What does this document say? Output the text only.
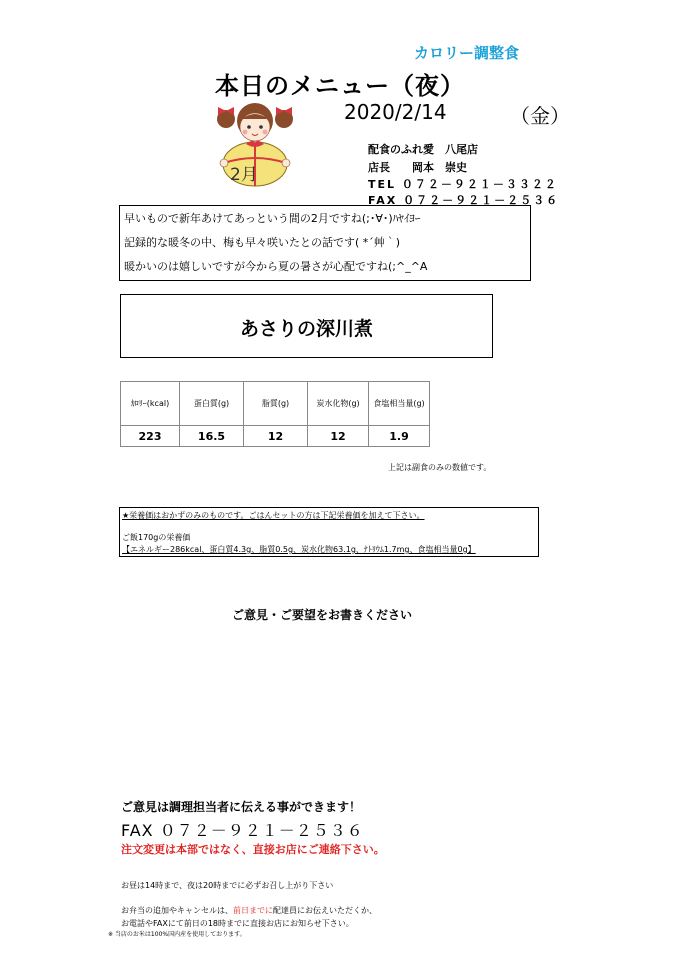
カロリー調整食
本日のメニュー（夜）
2020/2/14	（金）
2月
配食のふれ愛　八尾店
店長　　岡本　崇史
TEL ０７２－９２１－３３２２
FAX ０７２－９２１－２５３６
早いもので新年あけてあっという間の2月ですね(;･∀･)ﾊﾔｲﾖｰ
記録的な暖冬の中、梅も早々咲いたとの話です( *´艸｀)
暖かいのは嬉しいですが今から夏の暑さが心配ですね(;^_^A
あさりの深川煮
ｶﾛﾘｰ(kcal)	蛋白質(g)	脂質(g)	炭水化物(g)	食塩相当量(g)
223	16.5	12	12	1.9
上記は副食のみの数値です。
★栄養価はおかずのみのものです。ごはんセットの方は下記栄養価を加えて下さい。
ご飯170gの栄養価
【エネルギー286kcal、蛋白質4.3g、脂質0.5g、炭水化物63.1g、ﾅﾄﾘｳﾑ1.7mg、食塩相当量0g】
ご意見・ご要望をお書きください
ご意見は調理担当者に伝える事ができます！
FAX ０７２－９２１－２５３６
注文変更は本部ではなく、直接お店にご連絡下さい。
お昼は14時まで、夜は20時までに必ずお召し上がり下さい
お弁当の追加やキャンセルは、前日までに配達員にお伝えいただくか、
お電話やFAXにて前日の18時までに直接お店にお知らせ下さい。
※ 当店のお米は100%国内産を使用しております。
